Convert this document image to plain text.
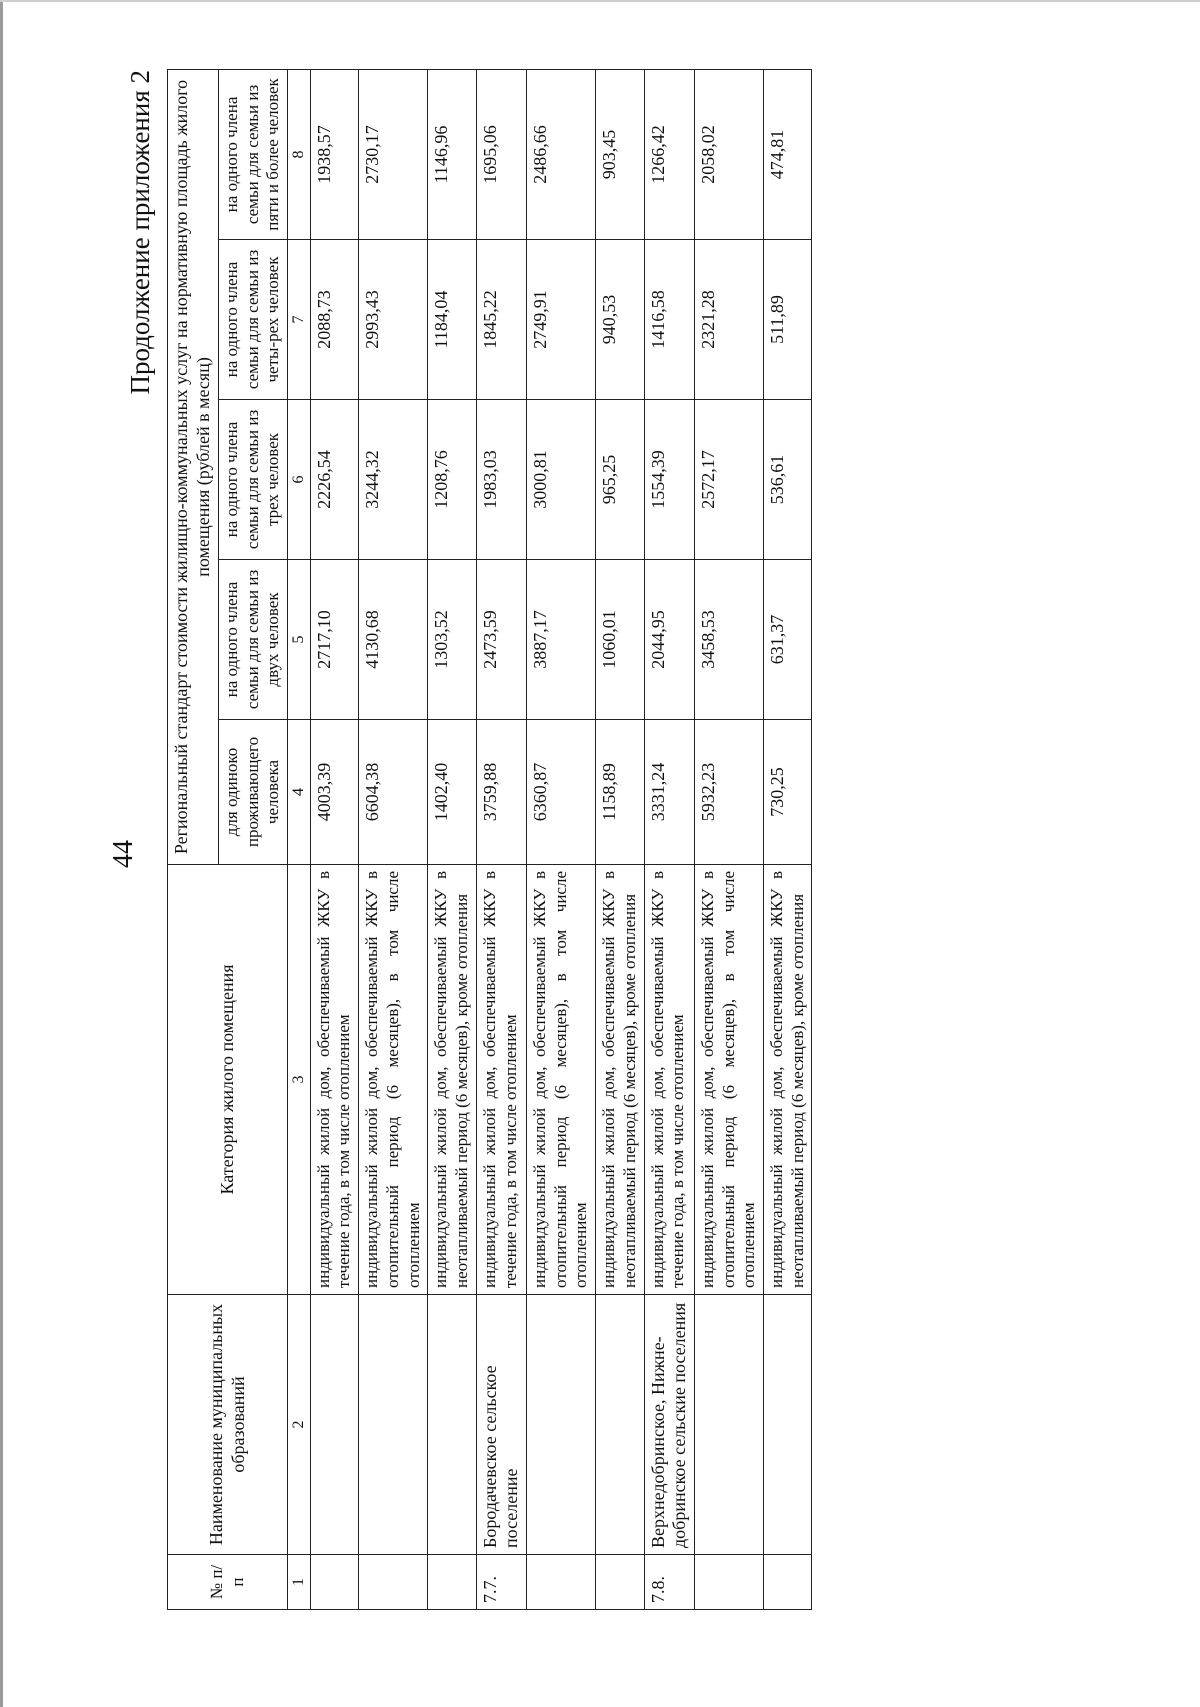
44
Продолжение приложения 2
№ п/п	Наименование муниципальных образований	Категория жилого помещения	Региональный стандарт стоимости жилищно-коммунальных услуг на нормативную площадь жилого помещения (рублей в месяц)				
			для одиноко проживающего человека	на одного члена семьи для семьи из двух человек	на одного члена семьи для семьи из трех человек	на одного члена семьи для семьи из четы-рех человек	на одного члена семьи для семьи из пяти и более человек
1	2	3	4	5	6	7	8
		индивидуальный жилой дом, обеспечиваемый ЖКУ в течение года, в том числе отоплением	4003,39	2717,10	2226,54	2088,73	1938,57
		индивидуальный жилой дом, обеспечиваемый ЖКУ в отопительный период (6 месяцев), в том числе отоплением	6604,38	4130,68	3244,32	2993,43	2730,17
		индивидуальный жилой дом, обеспечиваемый ЖКУ в неотапливаемый период (6 месяцев), кроме отопления	1402,40	1303,52	1208,76	1184,04	1146,96
7.7.	Бородачевское сельское поселение	индивидуальный жилой дом, обеспечиваемый ЖКУ в течение года, в том числе отоплением	3759,88	2473,59	1983,03	1845,22	1695,06
		индивидуальный жилой дом, обеспечиваемый ЖКУ в отопительный период (6 месяцев), в том числе отоплением	6360,87	3887,17	3000,81	2749,91	2486,66
		индивидуальный жилой дом, обеспечиваемый ЖКУ в неотапливаемый период (6 месяцев), кроме отопления	1158,89	1060,01	965,25	940,53	903,45
7.8.	Верхнедобринское, Нижне-добринское сельские поселения	индивидуальный жилой дом, обеспечиваемый ЖКУ в течение года, в том числе отоплением	3331,24	2044,95	1554,39	1416,58	1266,42
		индивидуальный жилой дом, обеспечиваемый ЖКУ в отопительный период (6 месяцев), в том числе отоплением	5932,23	3458,53	2572,17	2321,28	2058,02
		индивидуальный жилой дом, обеспечиваемый ЖКУ в неотапливаемый период (6 месяцев), кроме отопления	730,25	631,37	536,61	511,89	474,81
